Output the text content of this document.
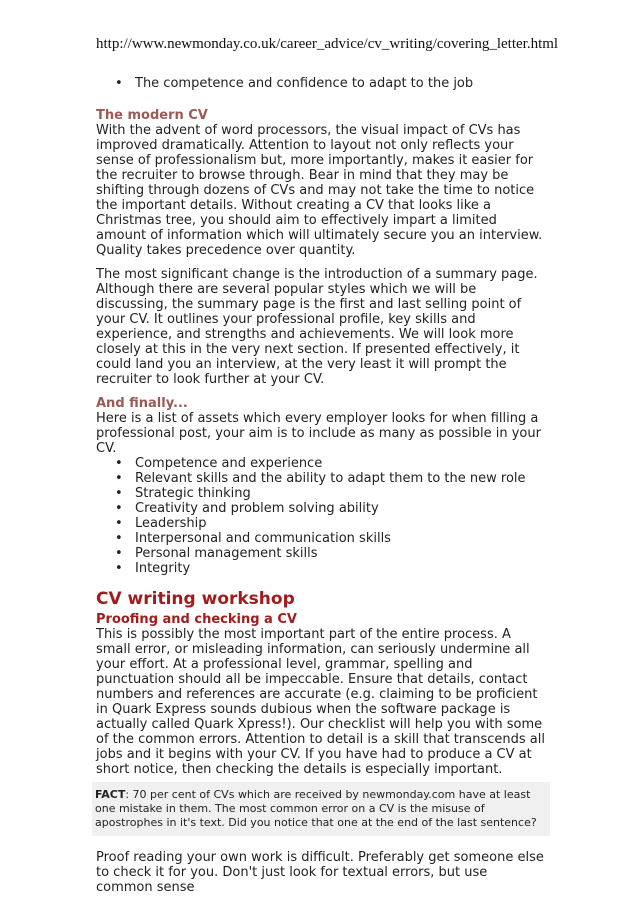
http://www.newmonday.co.uk/career_advice/cv_writing/covering_letter.html
• The competence and confidence to adapt to the job
The modern CV

With the advent of word processors, the visual impact of CVs has improved dramatically. Attention to layout not only reflects your sense of professionalism but, more importantly, makes it easier for the recruiter to browse through. Bear in mind that they may be shifting through dozens of CVs and may not take the time to notice the important details. Without creating a CV that looks like a Christmas tree, you should aim to effectively impart a limited amount of information which will ultimately secure you an interview. Quality takes precedence over quantity.

The most significant change is the introduction of a summary page. Although there are several popular styles which we will be discussing, the summary page is the first and last selling point of your CV. It outlines your professional profile, key skills and experience, and strengths and achievements. We will look more closely at this in the very next section. If presented effectively, it could land you an interview, at the very least it will prompt the recruiter to look further at your CV.

And finally...
Here is a list of assets which every employer looks for when filling a professional post, your aim is to include as many as possible in your CV.
• Competence and experience
• Relevant skills and the ability to adapt them to the new role
• Strategic thinking
• Creativity and problem solving ability
• Leadership
• Interpersonal and communication skills
• Personal management skills
• Integrity
CV writing workshop
Proofing and checking a CV

This is possibly the most important part of the entire process. A small error, or misleading information, can seriously undermine all your effort. At a professional level, grammar, spelling and punctuation should all be impeccable. Ensure that details, contact numbers and references are accurate (e.g. claiming to be proficient in Quark Express sounds dubious when the software package is actually called Quark Xpress!). Our checklist will help you with some of the common errors. Attention to detail is a skill that transcends all jobs and it begins with your CV. If you have had to produce a CV at short notice, then checking the details is especially important.

FACT: 70 per cent of CVs which are received by newmonday.com have at least one mistake in them. The most common error on a CV is the misuse of apostrophes in it's text. Did you notice that one at the end of the last sentence?

Proof reading your own work is difficult. Preferably get someone else to check it for you. Don't just look for textual errors, but use common sense
